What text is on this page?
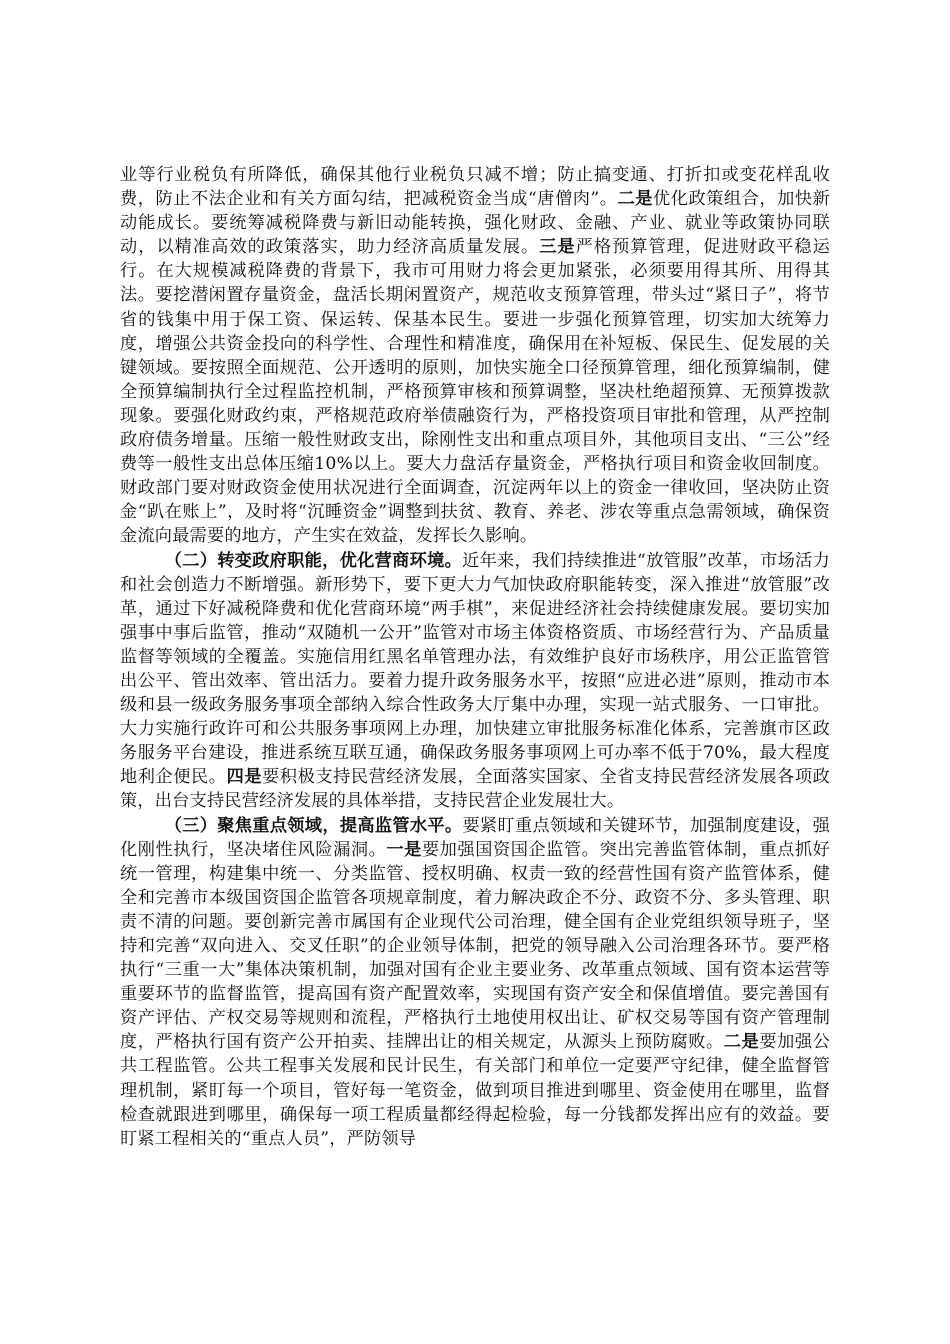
业等行业税负有所降低，确保其他行业税负只减不增；防止搞变通、打折扣或变花样乱收费，防止不法企业和有关方面勾结，把减税资金当成“唐僧肉”。二是优化政策组合，加快新动能成长。要统筹减税降费与新旧动能转换，强化财政、金融、产业、就业等政策协同联动，以精准高效的政策落实，助力经济高质量发展。三是严格预算管理，促进财政平稳运行。在大规模减税降费的背景下，我市可用财力将会更加紧张，必须要用得其所、用得其法。要挖潜闲置存量资金，盘活长期闲置资产，规范收支预算管理，带头过“紧日子”，将节省的钱集中用于保工资、保运转、保基本民生。要进一步强化预算管理，切实加大统筹力度，增强公共资金投向的科学性、合理性和精准度，确保用在补短板、保民生、促发展的关键领域。要按照全面规范、公开透明的原则，加快实施全口径预算管理，细化预算编制，健全预算编制执行全过程监控机制，严格预算审核和预算调整，坚决杜绝超预算、无预算拨款现象。要强化财政约束，严格规范政府举债融资行为，严格投资项目审批和管理，从严控制政府债务增量。压缩一般性财政支出，除刚性支出和重点项目外，其他项目支出、“三公”经费等一般性支出总体压缩10%以上。要大力盘活存量资金，严格执行项目和资金收回制度。财政部门要对财政资金使用状况进行全面调查，沉淀两年以上的资金一律收回，坚决防止资金“趴在账上”，及时将“沉睡资金”调整到扶贫、教育、养老、涉农等重点急需领域，确保资金流向最需要的地方，产生实在效益，发挥长久影响。

（二）转变政府职能，优化营商环境。近年来，我们持续推进“放管服”改革，市场活力和社会创造力不断增强。新形势下，要下更大力气加快政府职能转变，深入推进“放管服”改革，通过下好减税降费和优化营商环境“两手棋”，来促进经济社会持续健康发展。要切实加强事中事后监管，推动“双随机一公开”监管对市场主体资格资质、市场经营行为、产品质量监督等领域的全覆盖。实施信用红黑名单管理办法，有效维护良好市场秩序，用公正监管管出公平、管出效率、管出活力。要着力提升政务服务水平，按照“应进必进”原则，推动市本级和县一级政务服务事项全部纳入综合性政务大厅集中办理，实现一站式服务、一口审批。大力实施行政许可和公共服务事项网上办理，加快建立审批服务标准化体系，完善旗市区政务服务平台建设，推进系统互联互通，确保政务服务事项网上可办率不低于70%，最大程度地利企便民。四是要积极支持民营经济发展，全面落实国家、全省支持民营经济发展各项政策，出台支持民营经济发展的具体举措，支持民营企业发展壮大。

（三）聚焦重点领域，提高监管水平。要紧盯重点领域和关键环节，加强制度建设，强化刚性执行，坚决堵住风险漏洞。一是要加强国资国企监管。突出完善监管体制，重点抓好统一管理，构建集中统一、分类监管、授权明确、权责一致的经营性国有资产监管体系，健全和完善市本级国资国企监管各项规章制度，着力解决政企不分、政资不分、多头管理、职责不清的问题。要创新完善市属国有企业现代公司治理，健全国有企业党组织领导班子，坚持和完善“双向进入、交叉任职”的企业领导体制，把党的领导融入公司治理各环节。要严格执行“三重一大”集体决策机制，加强对国有企业主要业务、改革重点领域、国有资本运营等重要环节的监督监管，提高国有资产配置效率，实现国有资产安全和保值增值。要完善国有资产评估、产权交易等规则和流程，严格执行土地使用权出让、矿权交易等国有资产管理制度，严格执行国有资产公开拍卖、挂牌出让的相关规定，从源头上预防腐败。二是要加强公共工程监管。公共工程事关发展和民计民生，有关部门和单位一定要严守纪律，健全监督管理机制，紧盯每一个项目，管好每一笔资金，做到项目推进到哪里、资金使用在哪里，监督检查就跟进到哪里，确保每一项工程质量都经得起检验，每一分钱都发挥出应有的效益。要盯紧工程相关的“重点人员”，严防领导
